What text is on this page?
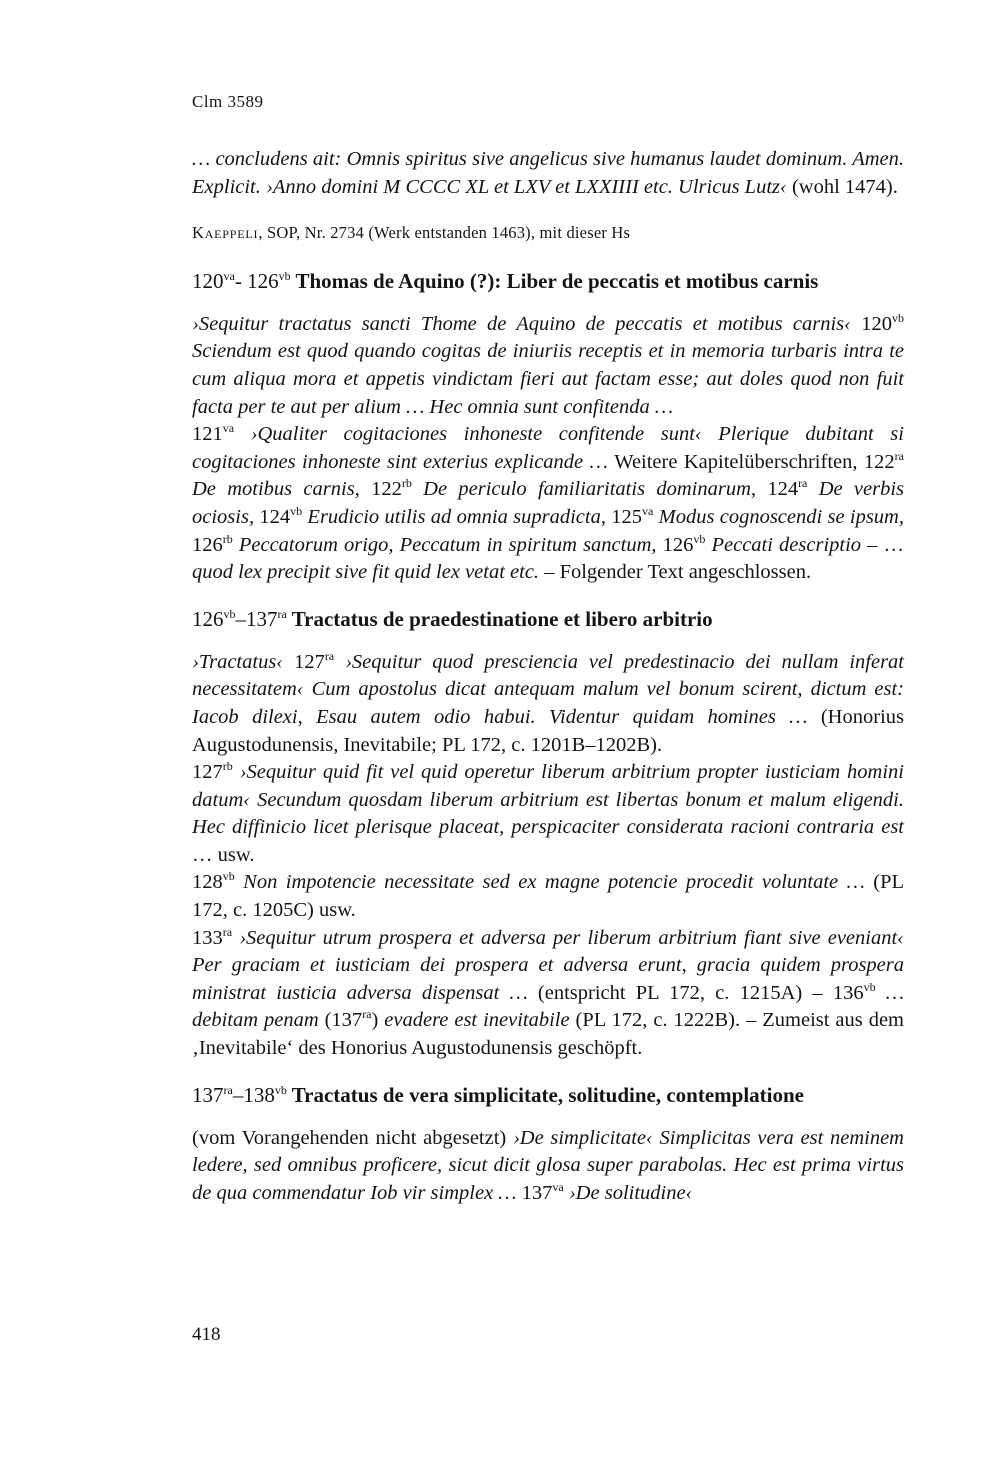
Clm 3589

… concludens ait: Omnis spiritus sive angelicus sive humanus laudet dominum. Amen. Explicit. ›Anno domini M CCCC XL et LXV et LXXIIII etc. Ulricus Lutz‹ (wohl 1474).

Kaeppeli, SOP, Nr. 2734 (Werk entstanden 1463), mit dieser Hs

$120^{va}-$ $126^{vb}$ Thomas de Aquino (?): Liber de peccatis et motibus carnis

›Sequitur tractatus sancti Thome de Aquino de peccatis et motibus carnis‹ $120^{vb}$ Sciendum est quod quando cogitas de iniuriis receptis et in memoria turbaris intra te cum aliqua mora et appetis vindictam fieri aut factam esse; aut doles quod non fuit facta per te aut per alium … Hec omnia sunt confitenda …

$121^{va}$ ›Qualiter cogitaciones inhoneste confitende sunt‹ Plerique dubitant si cogitaciones inhoneste sint exterius explicande … Weitere Kapitelüberschriften, $122^{ra}$ De motibus carnis, $122^{rb}$ De periculo familiaritatis dominarum, $124^{ra}$ De verbis ociosis, $124^{vb}$ Erudicio utilis ad omnia supradicta, $125^{va}$ Modus cognoscendi se ipsum, $126^{rb}$ Peccatorum origo, Peccatum in spiritum sanctum, $126^{vb}$ Peccati descriptio – … quod lex precipit sive fit quid lex vetat etc. – Folgender Text angeschlossen.

$126^{vb}-137^{ra}$ Tractatus de praedestinatione et libero arbitrio

›Tractatus‹ $127^{ra}$ ›Sequitur quod presciencia vel predestinacio dei nullam inferat necessitatem‹ Cum apostolus dicat antequam malum vel bonum scirent, dictum est: Iacob dilexi, Esau autem odio habui. Videntur quidam homines … (Honorius Augustodunensis, Inevitabile; PL 172, c. 1201B–1202B).

$127^{rb}$ ›Sequitur quid fit vel quid operetur liberum arbitrium propter iusticiam homini datum‹ Secundum quosdam liberum arbitrium est libertas bonum et malum eligendi. Hec diffinicio licet plerisque placeat, perspicaciter considerata racioni contraria est … usw.

$128^{vb}$ Non impotencie necessitate sed ex magne potencie procedit voluntate … (PL 172, c. 1205C) usw.

$133^{ra}$ ›Sequitur utrum prospera et adversa per liberum arbitrium fiant sive eveniant‹ Per graciam et iusticiam dei prospera et adversa erunt, gracia quidem prospera ministrat iusticia adversa dispensat … (entspricht PL 172, c. $1215A) - 136^{vb}$ … debitam penam $(137^{ra})$ evadere est inevitabile (PL 172, c. 1222B). – Zumeist aus dem ‚Inevitabile‘ des Honorius Augustodunensis geschöpft.

$137^{ra}-138^{vb}$ Tractatus de vera simplicitate, solitudine, contemplatione

(vom Vorangehenden nicht abgesetzt) ›De simplicitate‹ Simplicitas vera est neminem ledere, sed omnibus proficere, sicut dicit glosa super parabolas. Hec est prima virtus de qua commendatur Iob vir simplex … $137^{va}$ ›De solitudine‹

418
